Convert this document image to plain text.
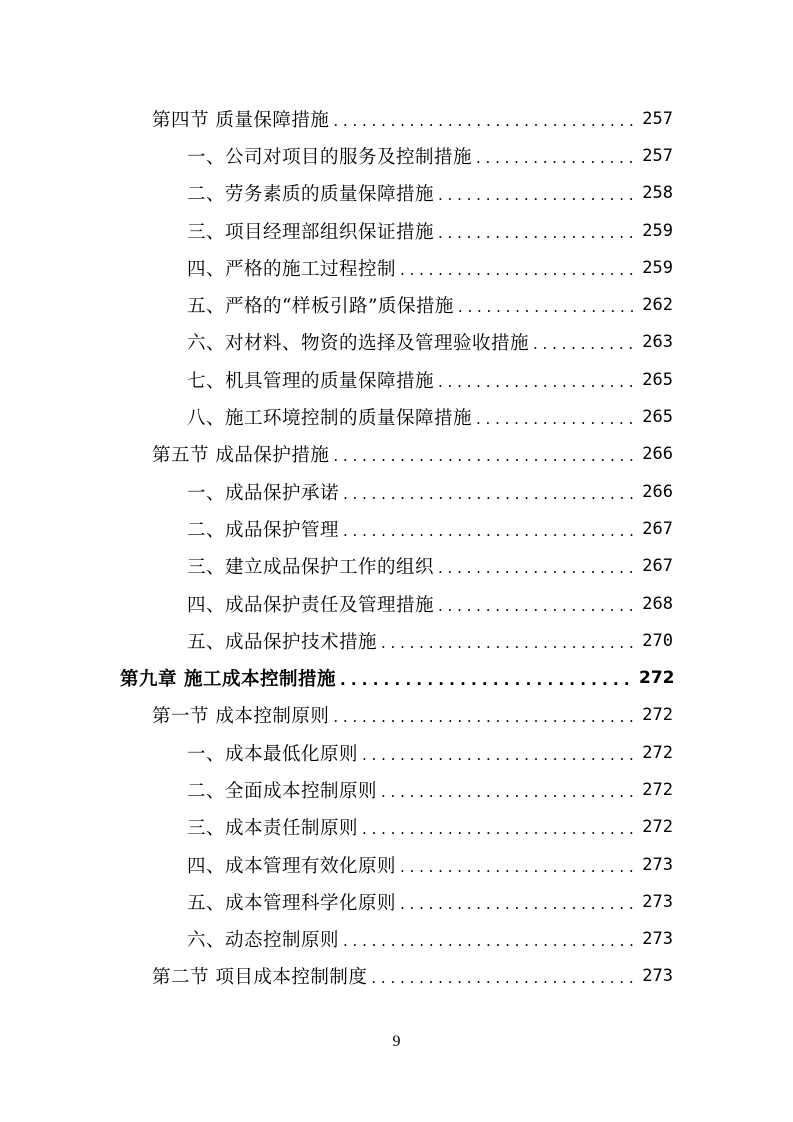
第四节 质量保障措施 . . .	257
一、公司对项目的服务及控制措施 . . .	257
二、劳务素质的质量保障措施 . . .	258
三、项目经理部组织保证措施 . . .	259
四、严格的施工过程控制 . . .	259
五、严格的“样板引路”质保措施 . . .	262
六、对材料、物资的选择及管理验收措施 . . .	263
七、机具管理的质量保障措施 . . .	265
八、施工环境控制的质量保障措施 . . .	265
第五节 成品保护措施 . . .	266
一、成品保护承诺 . . .	266
二、成品保护管理 . . .	267
三、建立成品保护工作的组织 . . .	267
四、成品保护责任及管理措施 . . .	268
五、成品保护技术措施 . . .	270
第九章 施工成本控制措施 . . .	272
第一节 成本控制原则 . . .	272
一、成本最低化原则 . . .	272
二、全面成本控制原则 . . .	272
三、成本责任制原则 . . .	272
四、成本管理有效化原则 . . .	273
五、成本管理科学化原则 . . .	273
六、动态控制原则 . . .	273
第二节 项目成本控制制度 . . .	273
9
